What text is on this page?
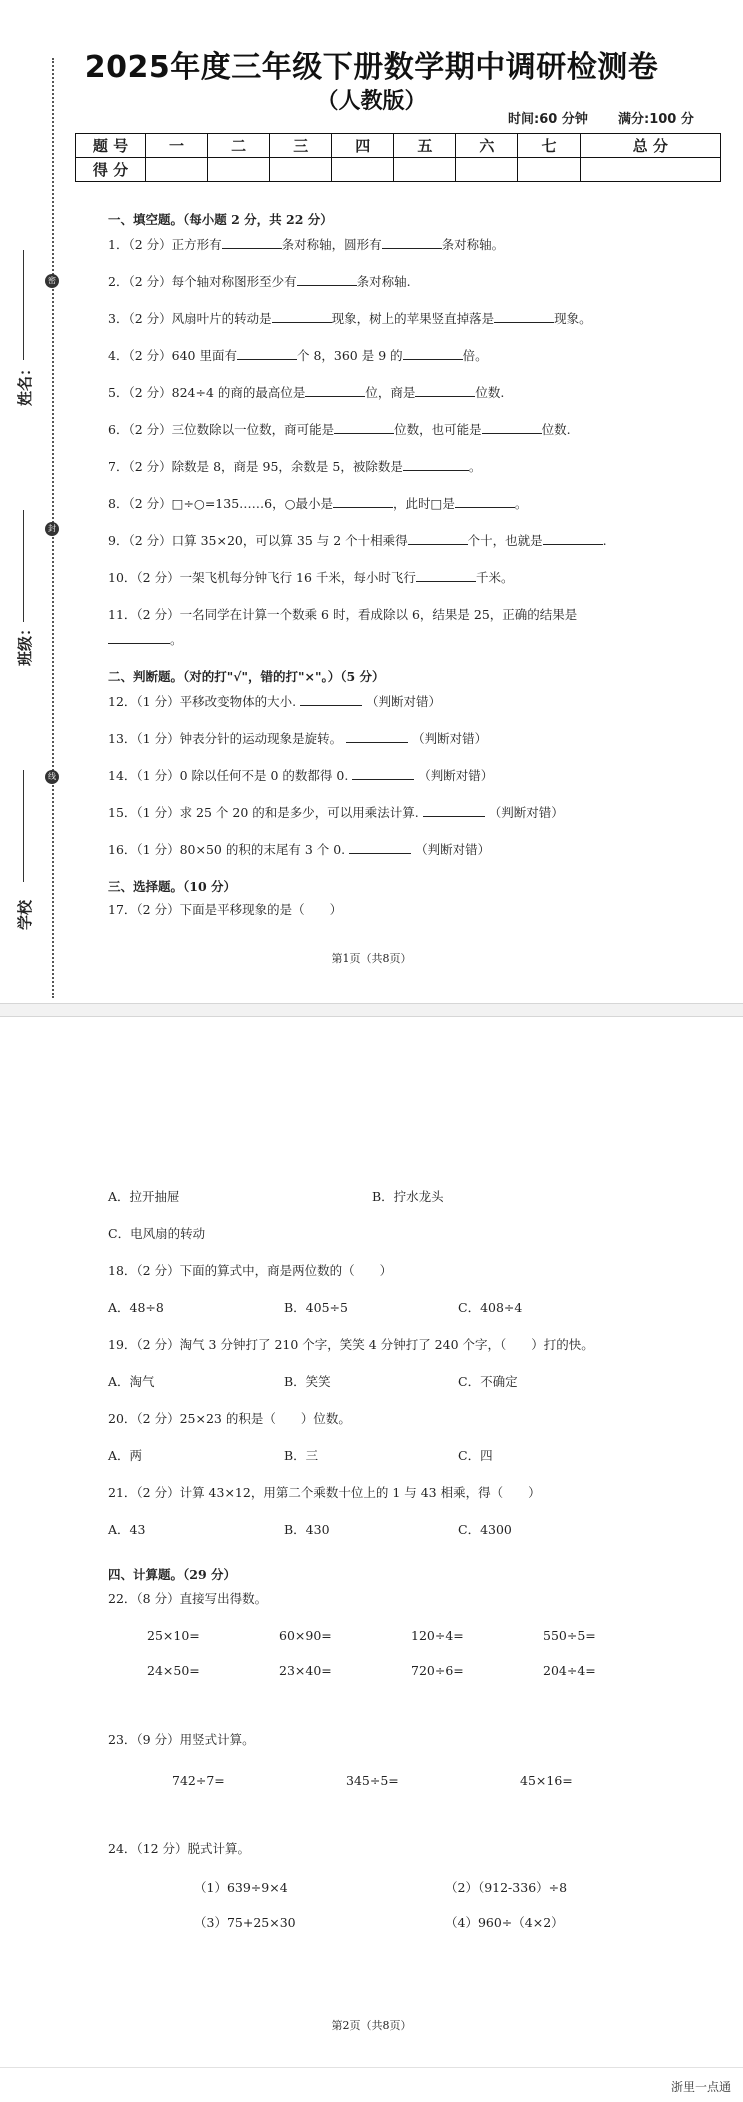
2025年度三年级下册数学期中调研检测卷
（人教版）
时间:60 分钟 满分:100 分
题 号	一	二	三	四	五	六	七	总 分
得 分								
密
封
线
姓名：
班级：
学校
一、填空题。（每小题 2 分，共 22 分）
1．（2 分）正方形有	条对称轴，圆形有	条对称轴。
2．（2 分）每个轴对称图形至少有	条对称轴.
3．（2 分）风扇叶片的转动是	现象，树上的苹果竖直掉落是	现象。
4．（2 分）640 里面有	个 8，360 是 9 的	倍。
5．（2 分）824÷4 的商的最高位是	位，商是	位数.
6．（2 分）三位数除以一位数，商可能是	位数，也可能是	位数.
7．（2 分）除数是 8，商是 95，余数是 5，被除数是	。
8．（2 分）□÷○=135……6，○最小是	，此时□是	。
9．（2 分）口算 35×20，可以算 35 与 2 个十相乘得	个十，也就是	.
10．（2 分）一架飞机每分钟飞行 16 千米，每小时飞行	千米。
11．（2 分）一名同学在计算一个数乘 6 时，看成除以 6，结果是 25，正确的结果是
。
二、判断题。（对的打"√"，错的打"×"。）（5 分）
12．（1 分）平移改变物体的大小.	（判断对错）
13．（1 分）钟表分针的运动现象是旋转。	（判断对错）
14．（1 分）0 除以任何不是 0 的数都得 0.	（判断对错）
15．（1 分）求 25 个 20 的和是多少，可以用乘法计算.	（判断对错）
16．（1 分）80×50 的积的末尾有 3 个 0.	（判断对错）
三、选择题。（10 分）
17．（2 分）下面是平移现象的是（　　）
第1页（共8页）
A．拉开抽屉	B．拧水龙头
C．电风扇的转动
18．（2 分）下面的算式中，商是两位数的（　　）
A．48÷8	B．405÷5	C．408÷4
19．（2 分）淘气 3 分钟打了 210 个字，笑笑 4 分钟打了 240 个字，（　　）打的快。
A．淘气	B．笑笑	C．不确定
20．（2 分）25×23 的积是（　　）位数。
A．两	B．三	C．四
21．（2 分）计算 43×12，用第二个乘数十位上的 1 与 43 相乘，得（　　）
A．43	B．430	C．4300
四、计算题。（29 分）
22．（8 分）直接写出得数。
25×10=	60×90=	120÷4=	550÷5=
24×50=	23×40=	720÷6=	204÷4=
23．（9 分）用竖式计算。
742÷7=	345÷5=	45×16=
24．（12 分）脱式计算。
（1）639÷9×4	（2）（912-336）÷8
（3）75+25×30	（4）960÷（4×2）
第2页（共8页）
浙里一点通
